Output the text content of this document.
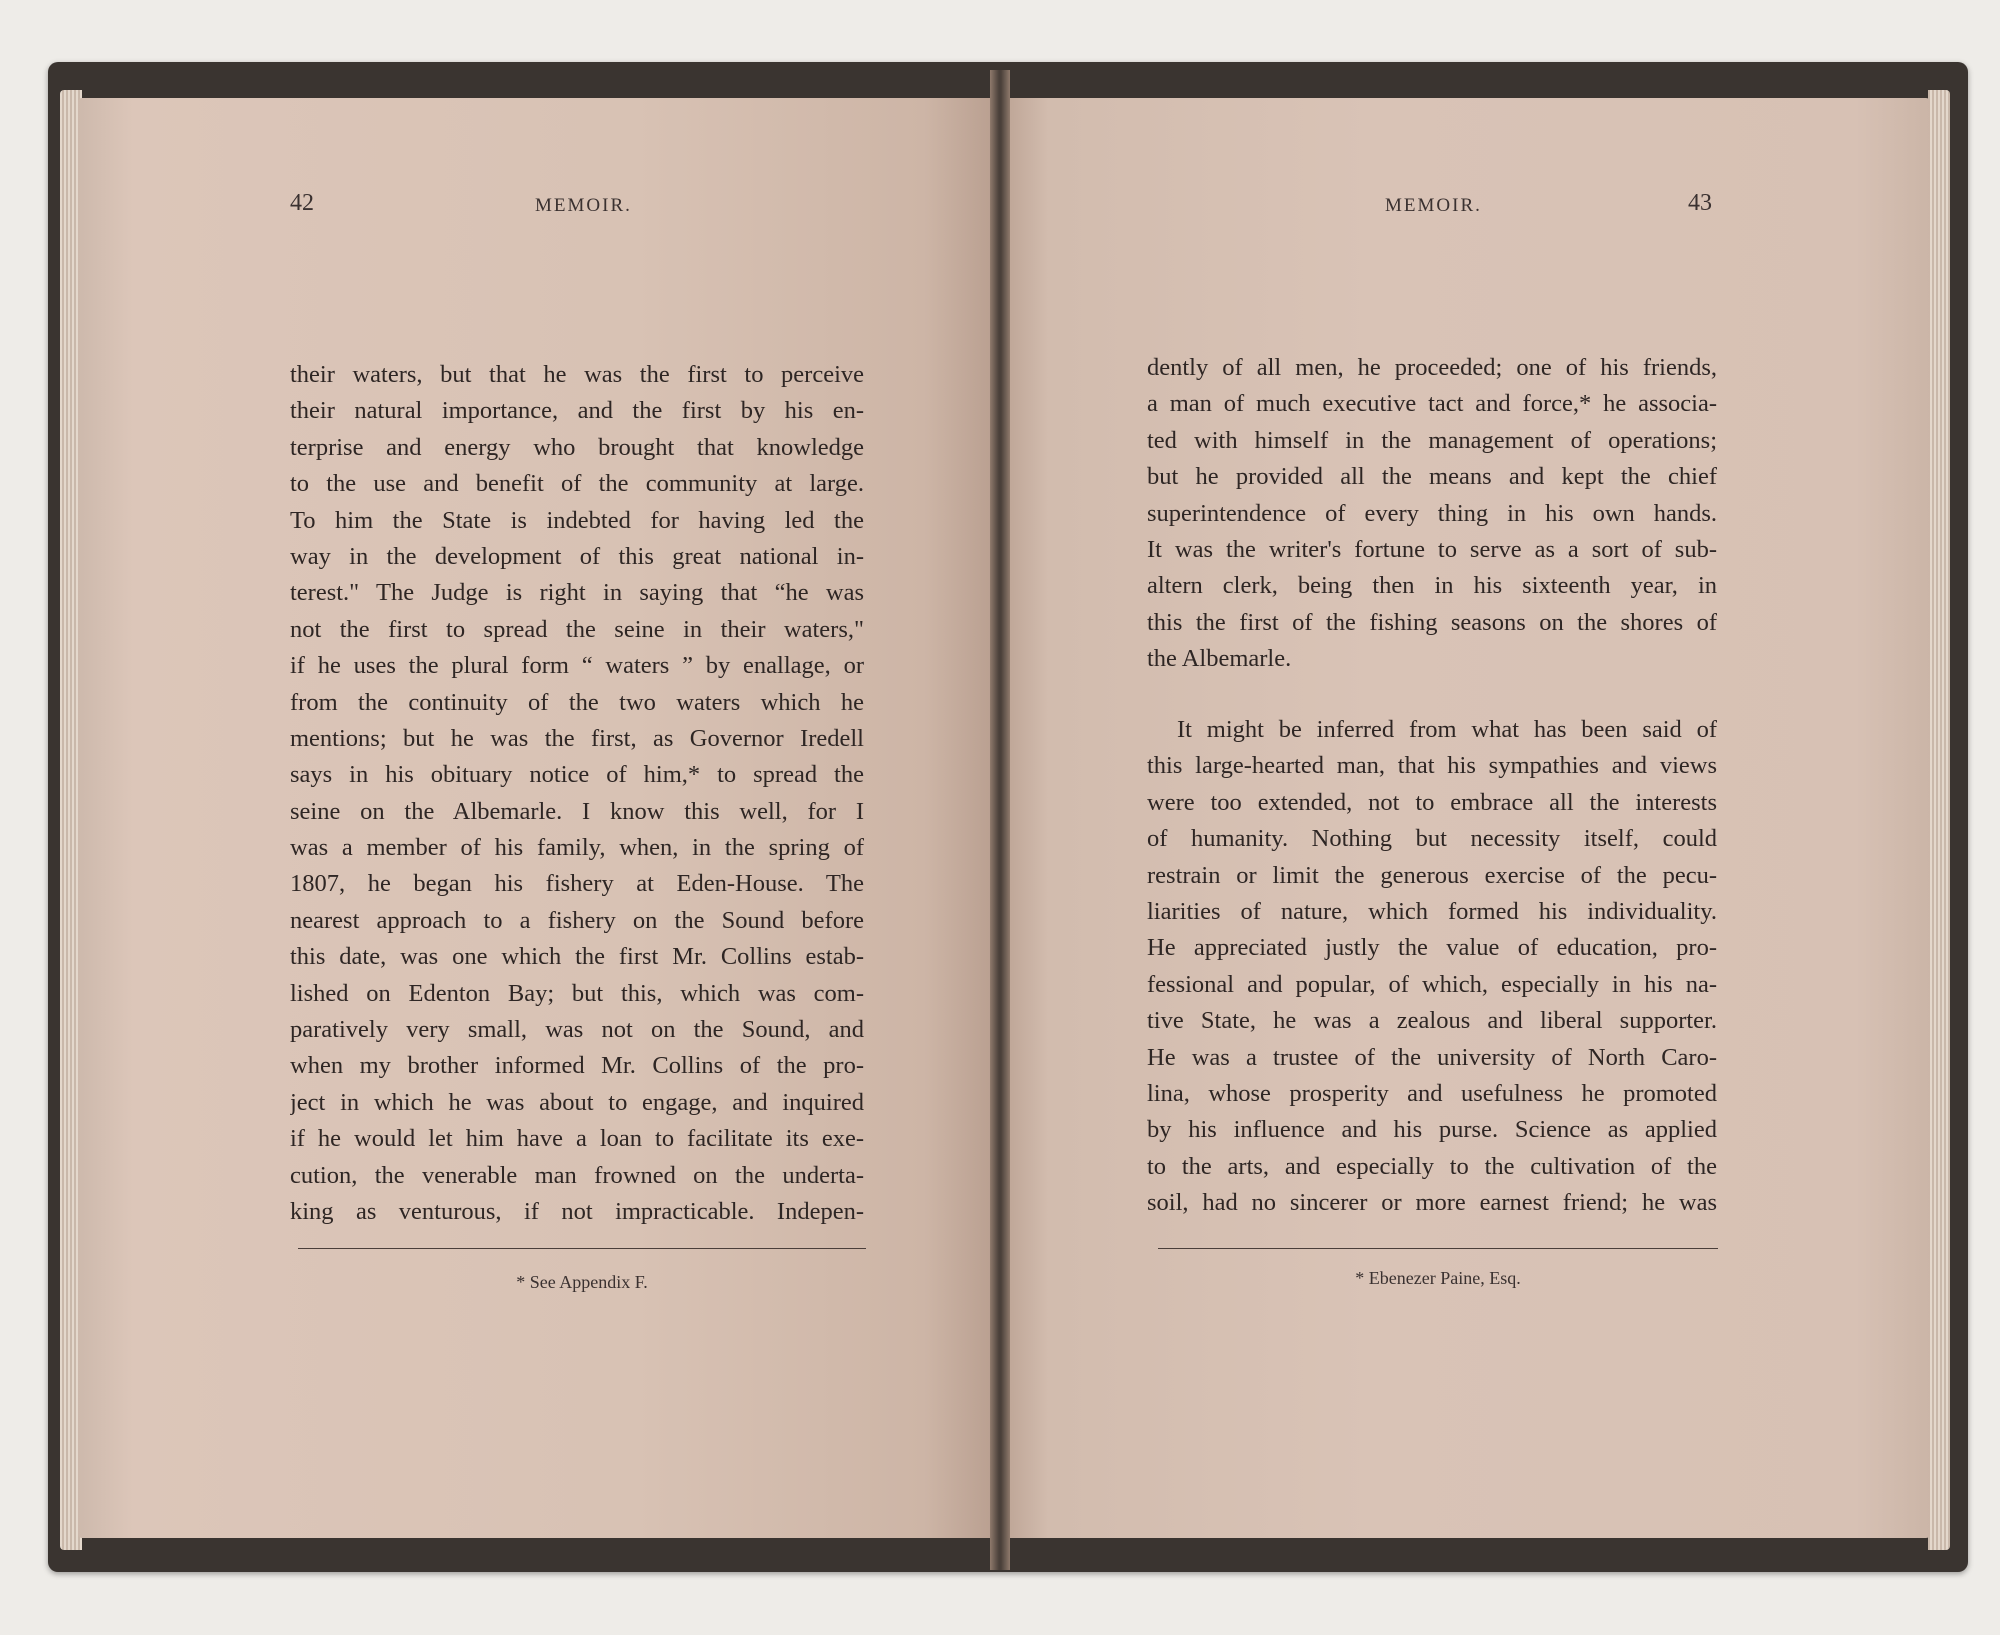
42	MEMOIR.
their waters, but that he was the first to perceive
their natural importance, and the first by his en-
terprise and energy who brought that knowledge
to the use and benefit of the community at large.
To him the State is indebted for having led the
way in the development of this great national in-
terest." The Judge is right in saying that “he was
not the first to spread the seine in their waters,"
if he uses the plural form “ waters ” by enallage, or
from the continuity of the two waters which he
mentions; but he was the first, as Governor Iredell
says in his obituary notice of him,* to spread the
seine on the Albemarle. I know this well, for I
was a member of his family, when, in the spring of
1807, he began his fishery at Eden-House. The
nearest approach to a fishery on the Sound before
this date, was one which the first Mr. Collins estab-
lished on Edenton Bay; but this, which was com-
paratively very small, was not on the Sound, and
when my brother informed Mr. Collins of the pro-
ject in which he was about to engage, and inquired
if he would let him have a loan to facilitate its exe-
cution, the venerable man frowned on the underta-
king as venturous, if not impracticable. Indepen-
* See Appendix F.
MEMOIR.	43
dently of all men, he proceeded; one of his friends,
a man of much executive tact and force,* he associa-
ted with himself in the management of operations;
but he provided all the means and kept the chief
superintendence of every thing in his own hands.
It was the writer's fortune to serve as a sort of sub-
altern clerk, being then in his sixteenth year, in
this the first of the fishing seasons on the shores of
the Albemarle.
It might be inferred from what has been said of
this large-hearted man, that his sympathies and views
were too extended, not to embrace all the interests
of humanity. Nothing but necessity itself, could
restrain or limit the generous exercise of the pecu-
liarities of nature, which formed his individuality.
He appreciated justly the value of education, pro-
fessional and popular, of which, especially in his na-
tive State, he was a zealous and liberal supporter.
He was a trustee of the university of North Caro-
lina, whose prosperity and usefulness he promoted
by his influence and his purse. Science as applied
to the arts, and especially to the cultivation of the
soil, had no sincerer or more earnest friend; he was
* Ebenezer Paine, Esq.
